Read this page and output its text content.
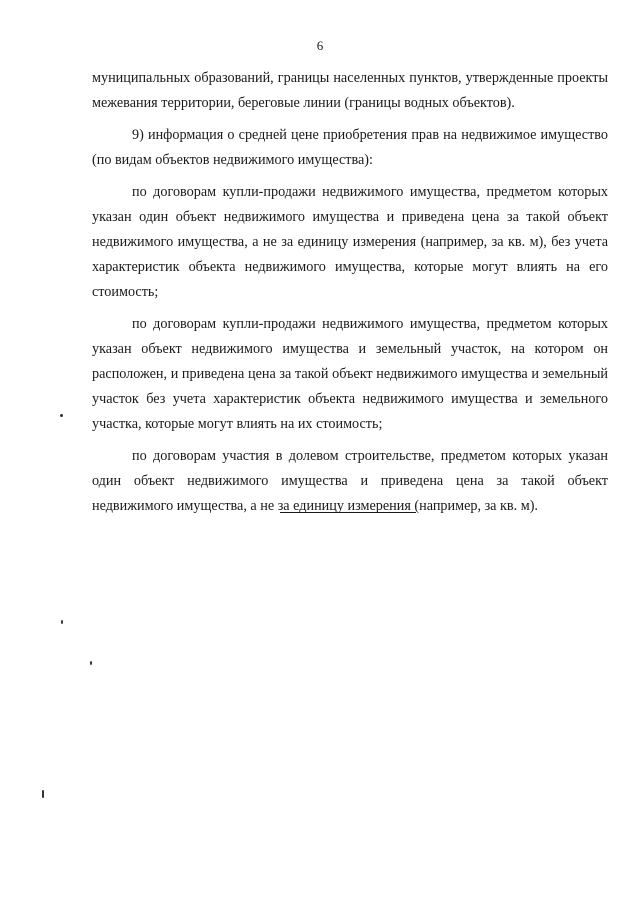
6

муниципальных образований, границы населенных пунктов, утвержденные проекты межевания территории, береговые линии (границы водных объектов).

9) информация о средней цене приобретения прав на недвижимое имущество (по видам объектов недвижимого имущества):

по договорам купли-продажи недвижимого имущества, предметом которых указан один объект недвижимого имущества и приведена цена за такой объект недвижимого имущества, а не за единицу измерения (например, за кв. м), без учета характеристик объекта недвижимого имущества, которые могут влиять на его стоимость;

по договорам купли-продажи недвижимого имущества, предметом которых указан объект недвижимого имущества и земельный участок, на котором он расположен, и приведена цена за такой объект недвижимого имущества и земельный участок без учета характеристик объекта недвижимого имущества и земельного участка, которые могут влиять на их стоимость;

по договорам участия в долевом строительстве, предметом которых указан один объект недвижимого имущества и приведена цена за такой объект недвижимого имущества, а не за единицу измерения (например, за кв. м).
